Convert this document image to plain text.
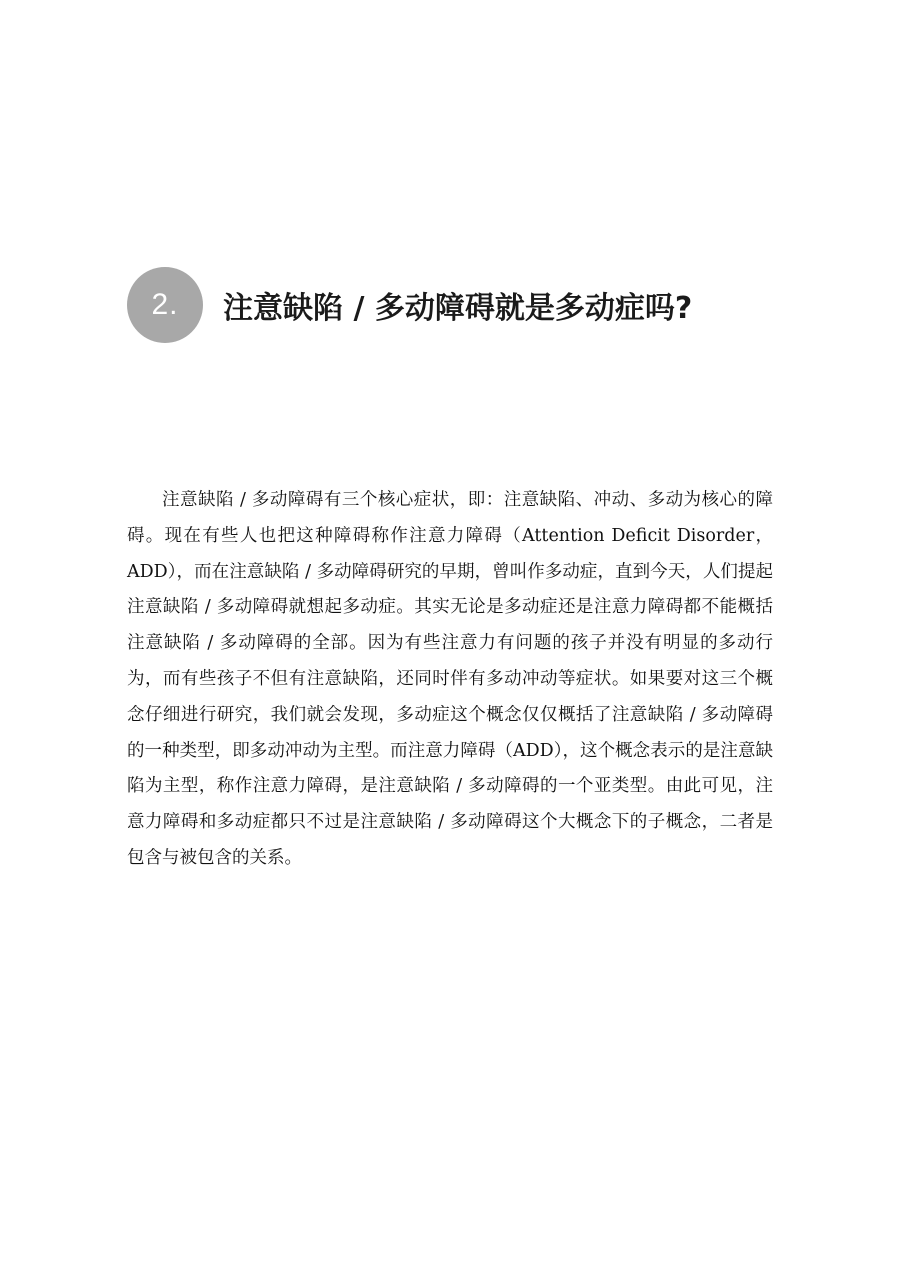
2.	注意缺陷 / 多动障碍就是多动症吗?

注意缺陷 / 多动障碍有三个核心症状，即：注意缺陷、冲动、多动为核心的障碍。现在有些人也把这种障碍称作注意力障碍（Attention Deficit Disorder，ADD），而在注意缺陷 / 多动障碍研究的早期，曾叫作多动症，直到今天，人们提起注意缺陷 / 多动障碍就想起多动症。其实无论是多动症还是注意力障碍都不能概括注意缺陷 / 多动障碍的全部。因为有些注意力有问题的孩子并没有明显的多动行为，而有些孩子不但有注意缺陷，还同时伴有多动冲动等症状。如果要对这三个概念仔细进行研究，我们就会发现，多动症这个概念仅仅概括了注意缺陷 / 多动障碍的一种类型，即多动冲动为主型。而注意力障碍（ADD），这个概念表示的是注意缺陷为主型，称作注意力障碍，是注意缺陷 / 多动障碍的一个亚类型。由此可见，注意力障碍和多动症都只不过是注意缺陷 / 多动障碍这个大概念下的子概念，二者是包含与被包含的关系。
